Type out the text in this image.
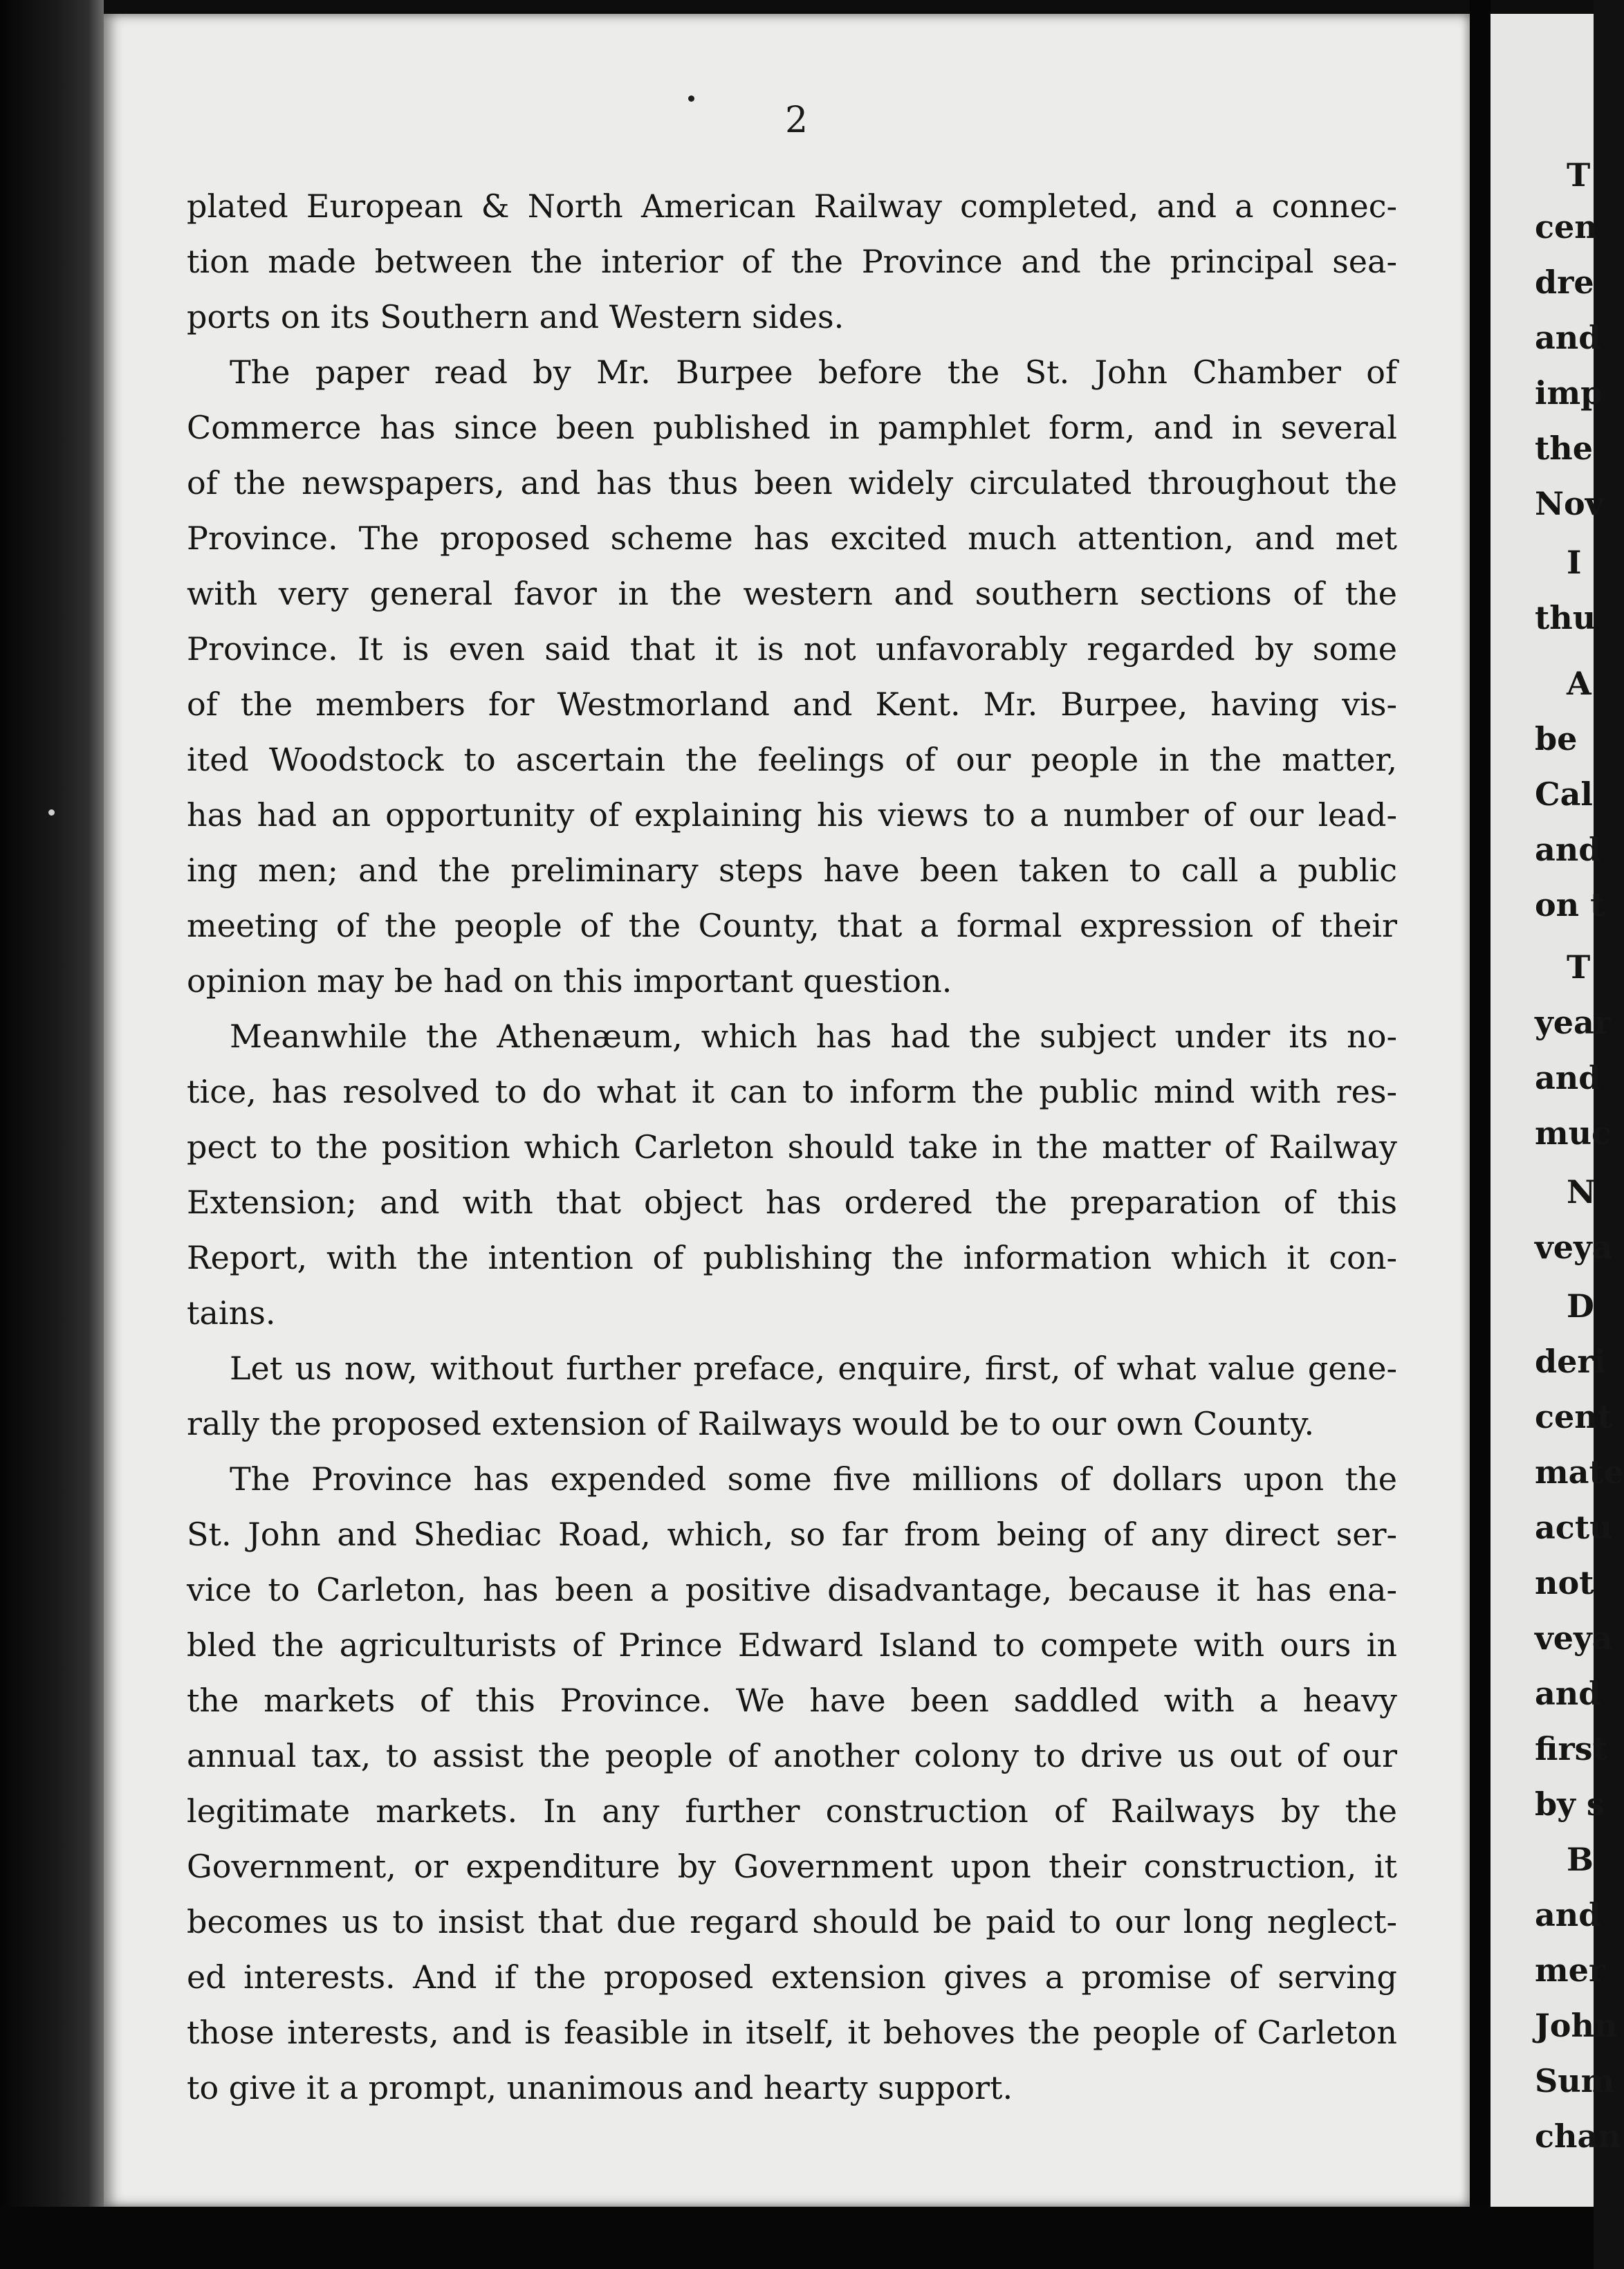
2
plated European & North American Railway completed, and a connec-
tion made between the interior of the Province and the principal sea-
ports on its Southern and Western sides.
The paper read by Mr. Burpee before the St. John Chamber of
Commerce has since been published in pamphlet form, and in several
of the newspapers, and has thus been widely circulated throughout the
Province. The proposed scheme has excited much attention, and met
with very general favor in the western and southern sections of the
Province. It is even said that it is not unfavorably regarded by some
of the members for Westmorland and Kent. Mr. Burpee, having vis-
ited Woodstock to ascertain the feelings of our people in the matter,
has had an opportunity of explaining his views to a number of our lead-
ing men; and the preliminary steps have been taken to call a public
meeting of the people of the County, that a formal expression of their
opinion may be had on this important question.
Meanwhile the Athenæum, which has had the subject under its no-
tice, has resolved to do what it can to inform the public mind with res-
pect to the position which Carleton should take in the matter of Railway
Extension; and with that object has ordered the preparation of this
Report, with the intention of publishing the information which it con-
tains.
Let us now, without further preface, enquire, first, of what value gene-
rally the proposed extension of Railways would be to our own County.
The Province has expended some five millions of dollars upon the
St. John and Shediac Road, which, so far from being of any direct ser-
vice to Carleton, has been a positive disadvantage, because it has ena-
bled the agriculturists of Prince Edward Island to compete with ours in
the markets of this Province. We have been saddled with a heavy
annual tax, to assist the people of another colony to drive us out of our
legitimate markets. In any further construction of Railways by the
Government, or expenditure by Government upon their construction, it
becomes us to insist that due regard should be paid to our long neglect-
ed interests. And if the proposed extension gives a promise of serving
those interests, and is feasible in itself, it behoves the people of Carleton
to give it a prompt, unanimous and hearty support.
T
cen
dre
and
imp
the
Nov
I
thu
A
be
Cal
and
on t
T
year
and
muc
N
veya
D
deri
cent
mate
actu
not
veya
and
first
by s
B
and
mer
John
Sum
chan
